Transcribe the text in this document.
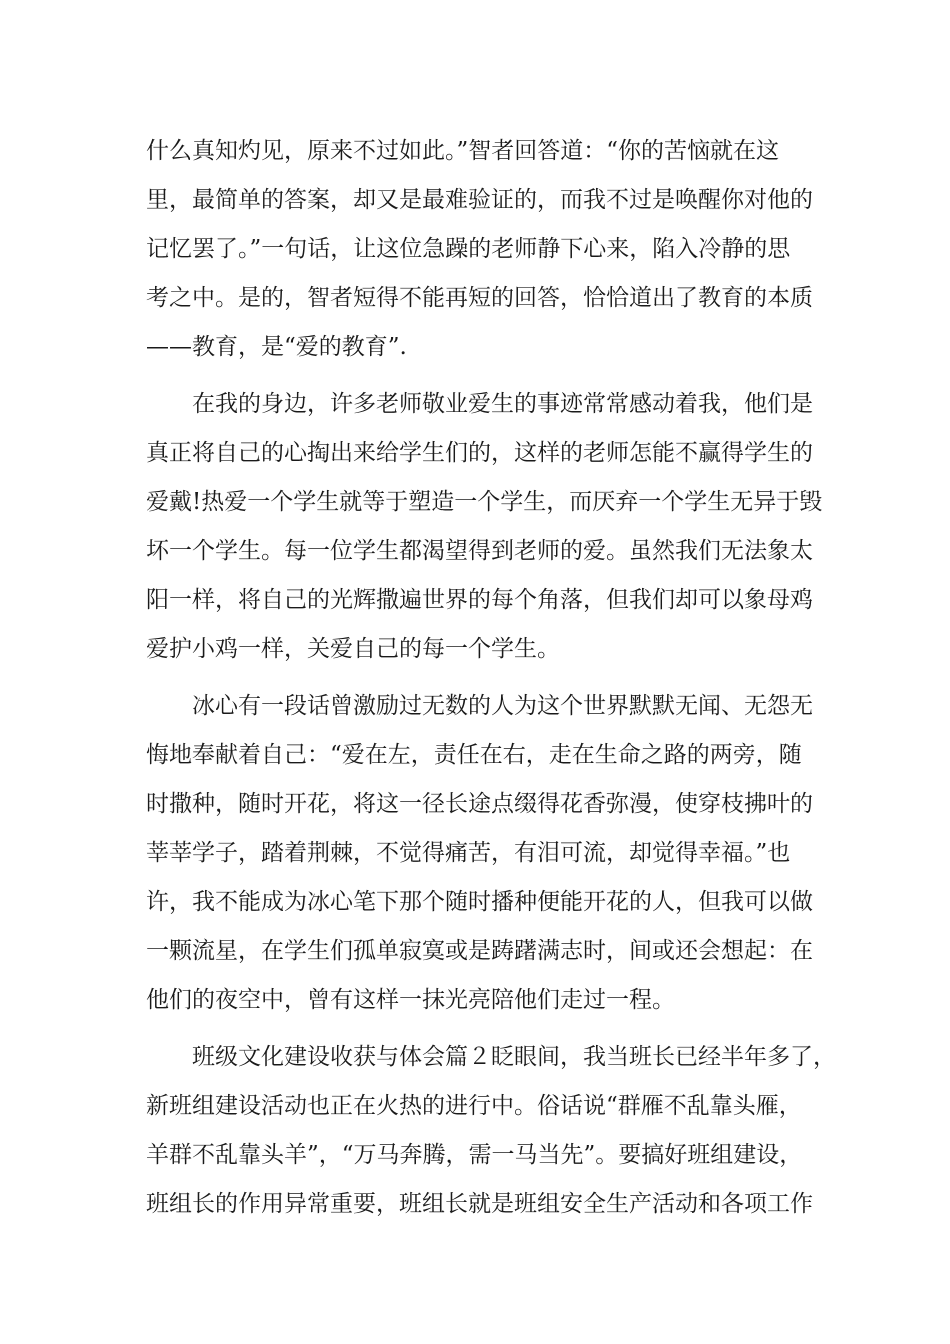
什么真知灼见，原来不过如此。”智者回答道：“你的苦恼就在这
里，最简单的答案，却又是最难验证的，而我不过是唤醒你对他的
记忆罢了。”一句话，让这位急躁的老师静下心来，陷入冷静的思
考之中。是的，智者短得不能再短的回答，恰恰道出了教育的本质
——教育，是“爱的教育”.
在我的身边，许多老师敬业爱生的事迹常常感动着我，他们是
真正将自己的心掏出来给学生们的，这样的老师怎能不赢得学生的
爱戴!热爱一个学生就等于塑造一个学生，而厌弃一个学生无异于毁
坏一个学生。每一位学生都渴望得到老师的爱。虽然我们无法象太
阳一样，将自己的光辉撒遍世界的每个角落，但我们却可以象母鸡
爱护小鸡一样，关爱自己的每一个学生。
冰心有一段话曾激励过无数的人为这个世界默默无闻、无怨无
悔地奉献着自己：“爱在左，责任在右，走在生命之路的两旁，随
时撒种，随时开花，将这一径长途点缀得花香弥漫，使穿枝拂叶的
莘莘学子，踏着荆棘，不觉得痛苦，有泪可流，却觉得幸福。”也
许，我不能成为冰心笔下那个随时播种便能开花的人，但我可以做
一颗流星，在学生们孤单寂寞或是踌躇满志时，间或还会想起：在
他们的夜空中，曾有这样一抹光亮陪他们走过一程。
班级文化建设收获与体会篇２眨眼间，我当班长已经半年多了，
新班组建设活动也正在火热的进行中。俗话说“群雁不乱靠头雁，
羊群不乱靠头羊”，“万马奔腾，需一马当先”。要搞好班组建设，
班组长的作用异常重要，班组长就是班组安全生产活动和各项工作
